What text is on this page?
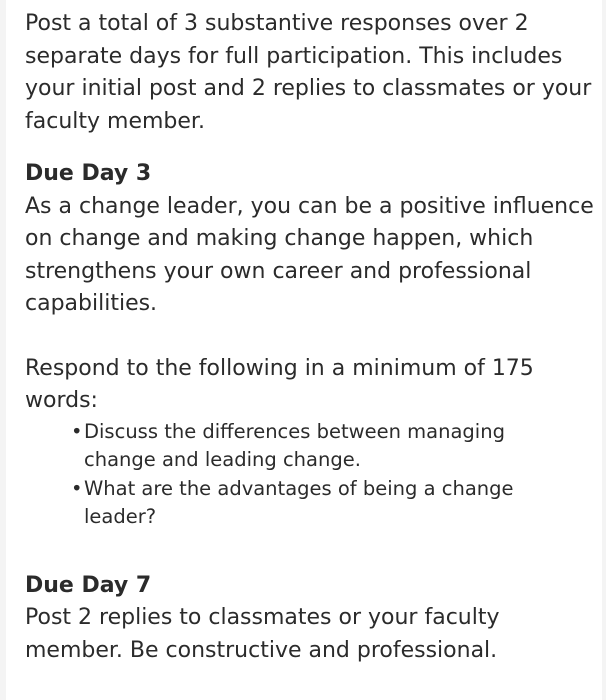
Post a total of 3 substantive responses over 2 separate days for full participation. This includes your initial post and 2 replies to classmates or your faculty member.

Due Day 3

As a change leader, you can be a positive influence on change and making change happen, which strengthens your own career and professional capabilities.

Respond to the following in a minimum of 175 words:

• Discuss the differences between managing change and leading change.
• What are the advantages of being a change leader?

Due Day 7

Post 2 replies to classmates or your faculty member. Be constructive and professional.
